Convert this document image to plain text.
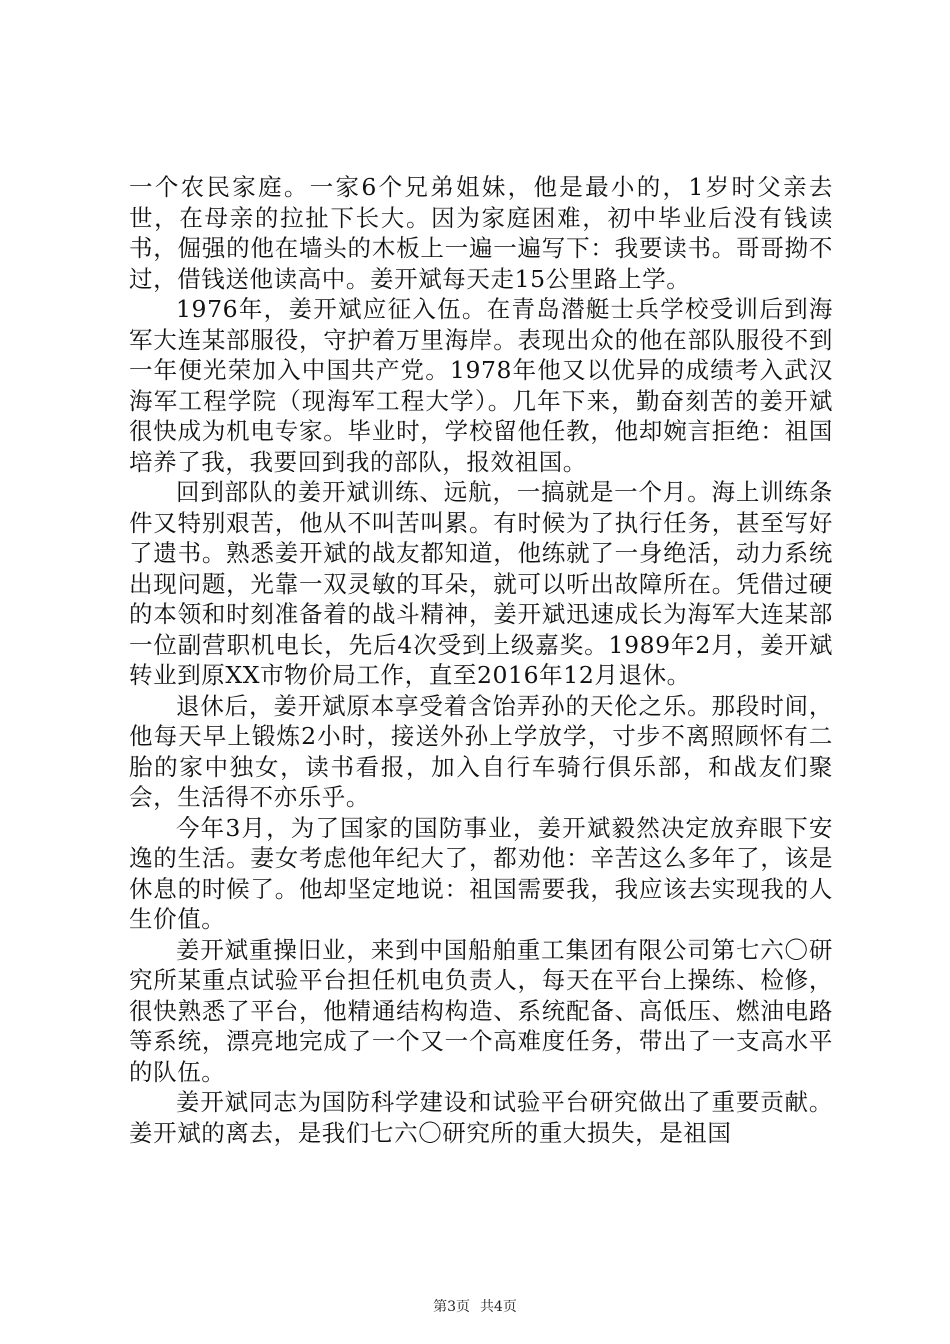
一个农民家庭。一家6个兄弟姐妹，他是最小的，1岁时父亲去世，在母亲的拉扯下长大。因为家庭困难，初中毕业后没有钱读书，倔强的他在墙头的木板上一遍一遍写下：我要读书。哥哥拗不过，借钱送他读高中。姜开斌每天走15公里路上学。

1976年，姜开斌应征入伍。在青岛潜艇士兵学校受训后到海军大连某部服役，守护着万里海岸。表现出众的他在部队服役不到一年便光荣加入中国共产党。1978年他又以优异的成绩考入武汉海军工程学院（现海军工程大学）。几年下来，勤奋刻苦的姜开斌很快成为机电专家。毕业时，学校留他任教，他却婉言拒绝：祖国培养了我，我要回到我的部队，报效祖国。

回到部队的姜开斌训练、远航，一搞就是一个月。海上训练条件又特别艰苦，他从不叫苦叫累。有时候为了执行任务，甚至写好了遗书。熟悉姜开斌的战友都知道，他练就了一身绝活，动力系统出现问题，光靠一双灵敏的耳朵，就可以听出故障所在。凭借过硬的本领和时刻准备着的战斗精神，姜开斌迅速成长为海军大连某部一位副营职机电长，先后4次受到上级嘉奖。1989年2月，姜开斌转业到原XX市物价局工作，直至2016年12月退休。

退休后，姜开斌原本享受着含饴弄孙的天伦之乐。那段时间，他每天早上锻炼2小时，接送外孙上学放学，寸步不离照顾怀有二胎的家中独女，读书看报，加入自行车骑行俱乐部，和战友们聚会，生活得不亦乐乎。

今年3月，为了国家的国防事业，姜开斌毅然决定放弃眼下安逸的生活。妻女考虑他年纪大了，都劝他：辛苦这么多年了，该是休息的时候了。他却坚定地说：祖国需要我，我应该去实现我的人生价值。

姜开斌重操旧业，来到中国船舶重工集团有限公司第七六〇研究所某重点试验平台担任机电负责人，每天在平台上操练、检修，很快熟悉了平台，他精通结构构造、系统配备、高低压、燃油电路等系统，漂亮地完成了一个又一个高难度任务，带出了一支高水平的队伍。

姜开斌同志为国防科学建设和试验平台研究做出了重要贡献。姜开斌的离去，是我们七六〇研究所的重大损失，是祖国

第3页 共4页
